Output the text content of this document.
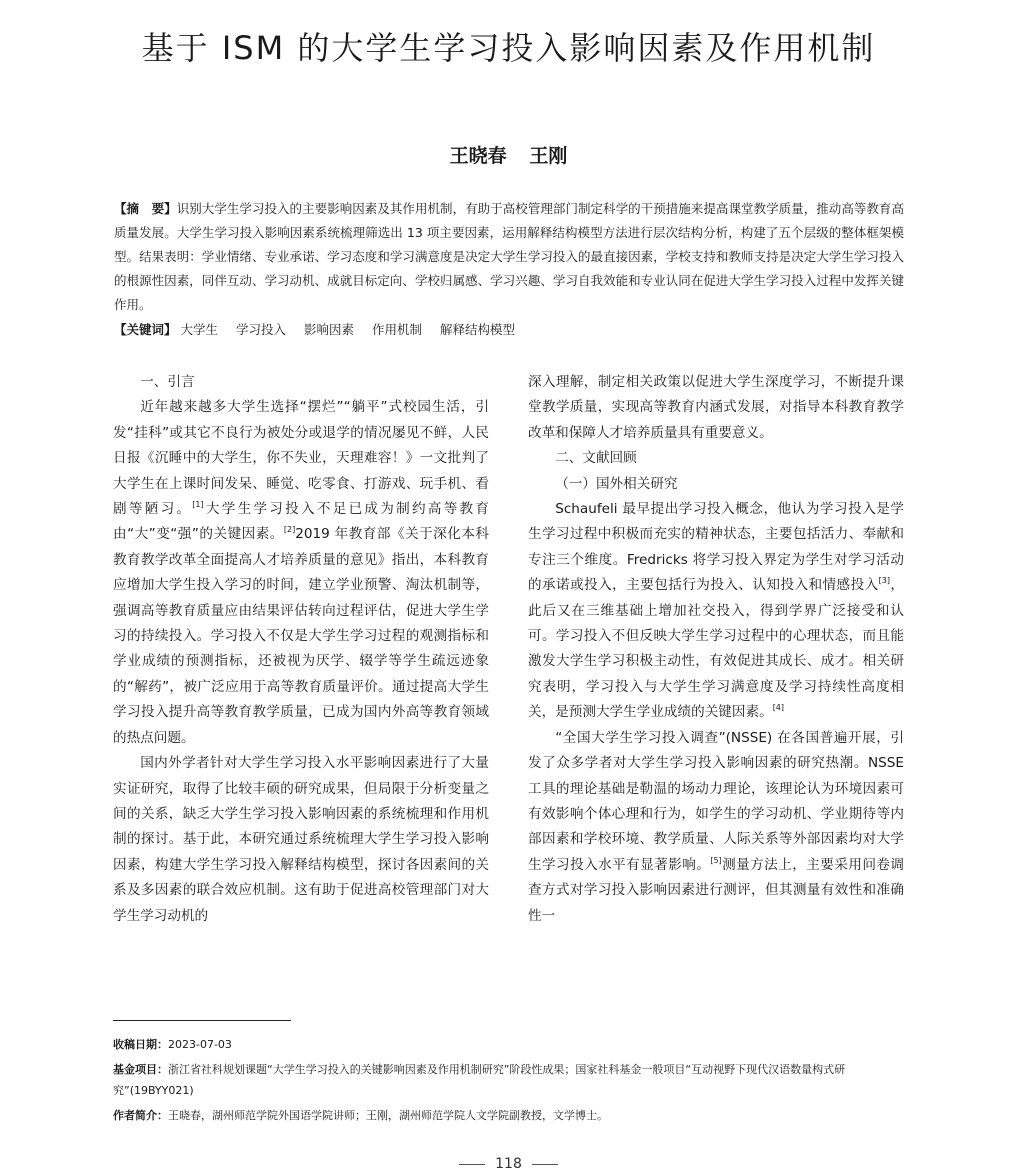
基于 ISM 的大学生学习投入影响因素及作用机制
王晓春 王刚

【摘　要】识别大学生学习投入的主要影响因素及其作用机制，有助于高校管理部门制定科学的干预措施来提高课堂教学质量，推动高等教育高质量发展。大学生学习投入影响因素系统梳理筛选出 13 项主要因素，运用解释结构模型方法进行层次结构分析，构建了五个层级的整体框架模型。结果表明：学业情绪、专业承诺、学习态度和学习满意度是决定大学生学习投入的最直接因素，学校支持和教师支持是决定大学生学习投入的根源性因素，同伴互动、学习动机、成就目标定向、学校归属感、学习兴趣、学习自我效能和专业认同在促进大学生学习投入过程中发挥关键作用。

【关键词】 大学生 学习投入 影响因素 作用机制 解释结构模型
一、引言

近年越来越多大学生选择“摆烂”“躺平”式校园生活，引发“挂科”或其它不良行为被处分或退学的情况屡见不鲜，人民日报《沉睡中的大学生，你不失业，天理难容！》一文批判了大学生在上课时间发呆、睡觉、吃零食、打游戏、玩手机、看剧等陋习。[1]大学生学习投入不足已成为制约高等教育由“大”变“强”的关键因素。[2]2019 年教育部《关于深化本科教育教学改革全面提高人才培养质量的意见》指出，本科教育应增加大学生投入学习的时间，建立学业预警、淘汰机制等，强调高等教育质量应由结果评估转向过程评估，促进大学生学习的持续投入。学习投入不仅是大学生学习过程的观测指标和学业成绩的预测指标，还被视为厌学、辍学等学生疏远迹象的“解药”，被广泛应用于高等教育质量评价。通过提高大学生学习投入提升高等教育教学质量，已成为国内外高等教育领域的热点问题。

国内外学者针对大学生学习投入水平影响因素进行了大量实证研究，取得了比较丰硕的研究成果，但局限于分析变量之间的关系，缺乏大学生学习投入影响因素的系统梳理和作用机制的探讨。基于此，本研究通过系统梳理大学生学习投入影响因素，构建大学生学习投入解释结构模型，探讨各因素间的关系及多因素的联合效应机制。这有助于促进高校管理部门对大学生学习动机的

深入理解，制定相关政策以促进大学生深度学习，不断提升课堂教学质量，实现高等教育内涵式发展，对指导本科教育教学改革和保障人才培养质量具有重要意义。

二、文献回顾
（一）国外相关研究

Schaufeli 最早提出学习投入概念，他认为学习投入是学生学习过程中积极而充实的精神状态，主要包括活力、奉献和专注三个维度。Fredricks 将学习投入界定为学生对学习活动的承诺或投入，主要包括行为投入、认知投入和情感投入[3]，此后又在三维基础上增加社交投入，得到学界广泛接受和认可。学习投入不但反映大学生学习过程中的心理状态，而且能激发大学生学习积极主动性，有效促进其成长、成才。相关研究表明，学习投入与大学生学习满意度及学习持续性高度相关，是预测大学生学业成绩的关键因素。[4]

“全国大学生学习投入调查”(NSSE) 在各国普遍开展，引发了众多学者对大学生学习投入影响因素的研究热潮。NSSE 工具的理论基础是勒温的场动力理论，该理论认为环境因素可有效影响个体心理和行为，如学生的学习动机、学业期待等内部因素和学校环境、教学质量、人际关系等外部因素均对大学生学习投入水平有显著影响。[5]测量方法上，主要采用问卷调查方式对学习投入影响因素进行测评，但其测量有效性和准确性一

收稿日期：2023-07-03
基金项目：浙江省社科规划课题“大学生学习投入的关键影响因素及作用机制研究”阶段性成果；国家社科基金一般项目“互动视野下现代汉语数量构式研究”(19BYY021)
作者简介：王晓春，湖州师范学院外国语学院讲师；王刚，湖州师范学院人文学院副教授，文学博士。
118
